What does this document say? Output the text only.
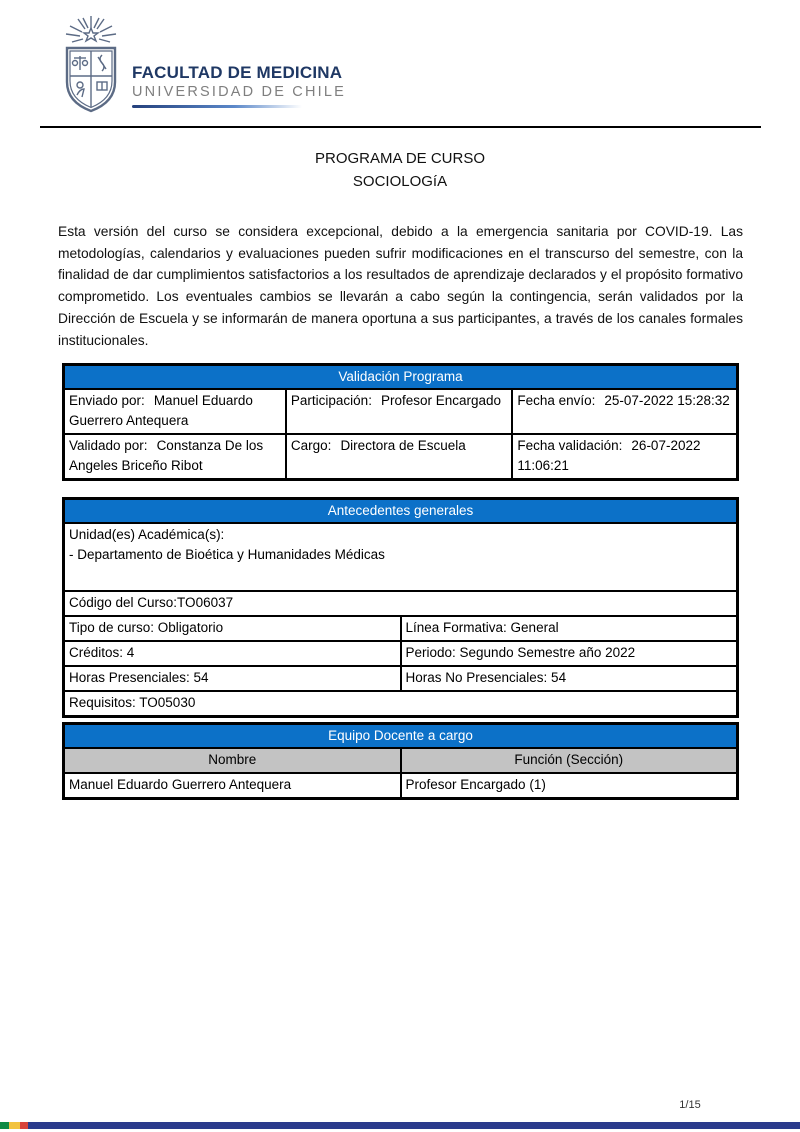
FACULTAD DE MEDICINA
UNIVERSIDAD DE CHILE
PROGRAMA DE CURSO
SOCIOLOGíA

Esta versión del curso se considera excepcional, debido a la emergencia sanitaria por COVID-19. Las metodologías, calendarios y evaluaciones pueden sufrir modificaciones en el transcurso del semestre, con la finalidad de dar cumplimientos satisfactorios a los resultados de aprendizaje declarados y el propósito formativo comprometido. Los eventuales cambios se llevarán a cabo según la contingencia, serán validados por la Dirección de Escuela y se informarán de manera oportuna a sus participantes, a través de los canales formales institucionales.

Validación Programa		
Enviado por: Manuel Eduardo Guerrero Antequera	Participación: Profesor Encargado	Fecha envío: 25-07-2022 15:28:32
Validado por: Constanza De los Angeles Briceño Ribot	Cargo: Directora de Escuela	Fecha validación: 26-07-2022 11:06:21
Antecedentes generales	

Unidad(es) Académica(s):
- Departamento de Bioética y Humanidades Médicas	

Código del Curso:TO06037	
Tipo de curso: Obligatorio	Línea Formativa: General
Créditos: 4	Periodo: Segundo Semestre año 2022
Horas Presenciales: 54	Horas No Presenciales: 54
Requisitos: TO05030	
Equipo Docente a cargo	
Nombre	Función (Sección)
Manuel Eduardo Guerrero Antequera	Profesor Encargado (1)
1/15
